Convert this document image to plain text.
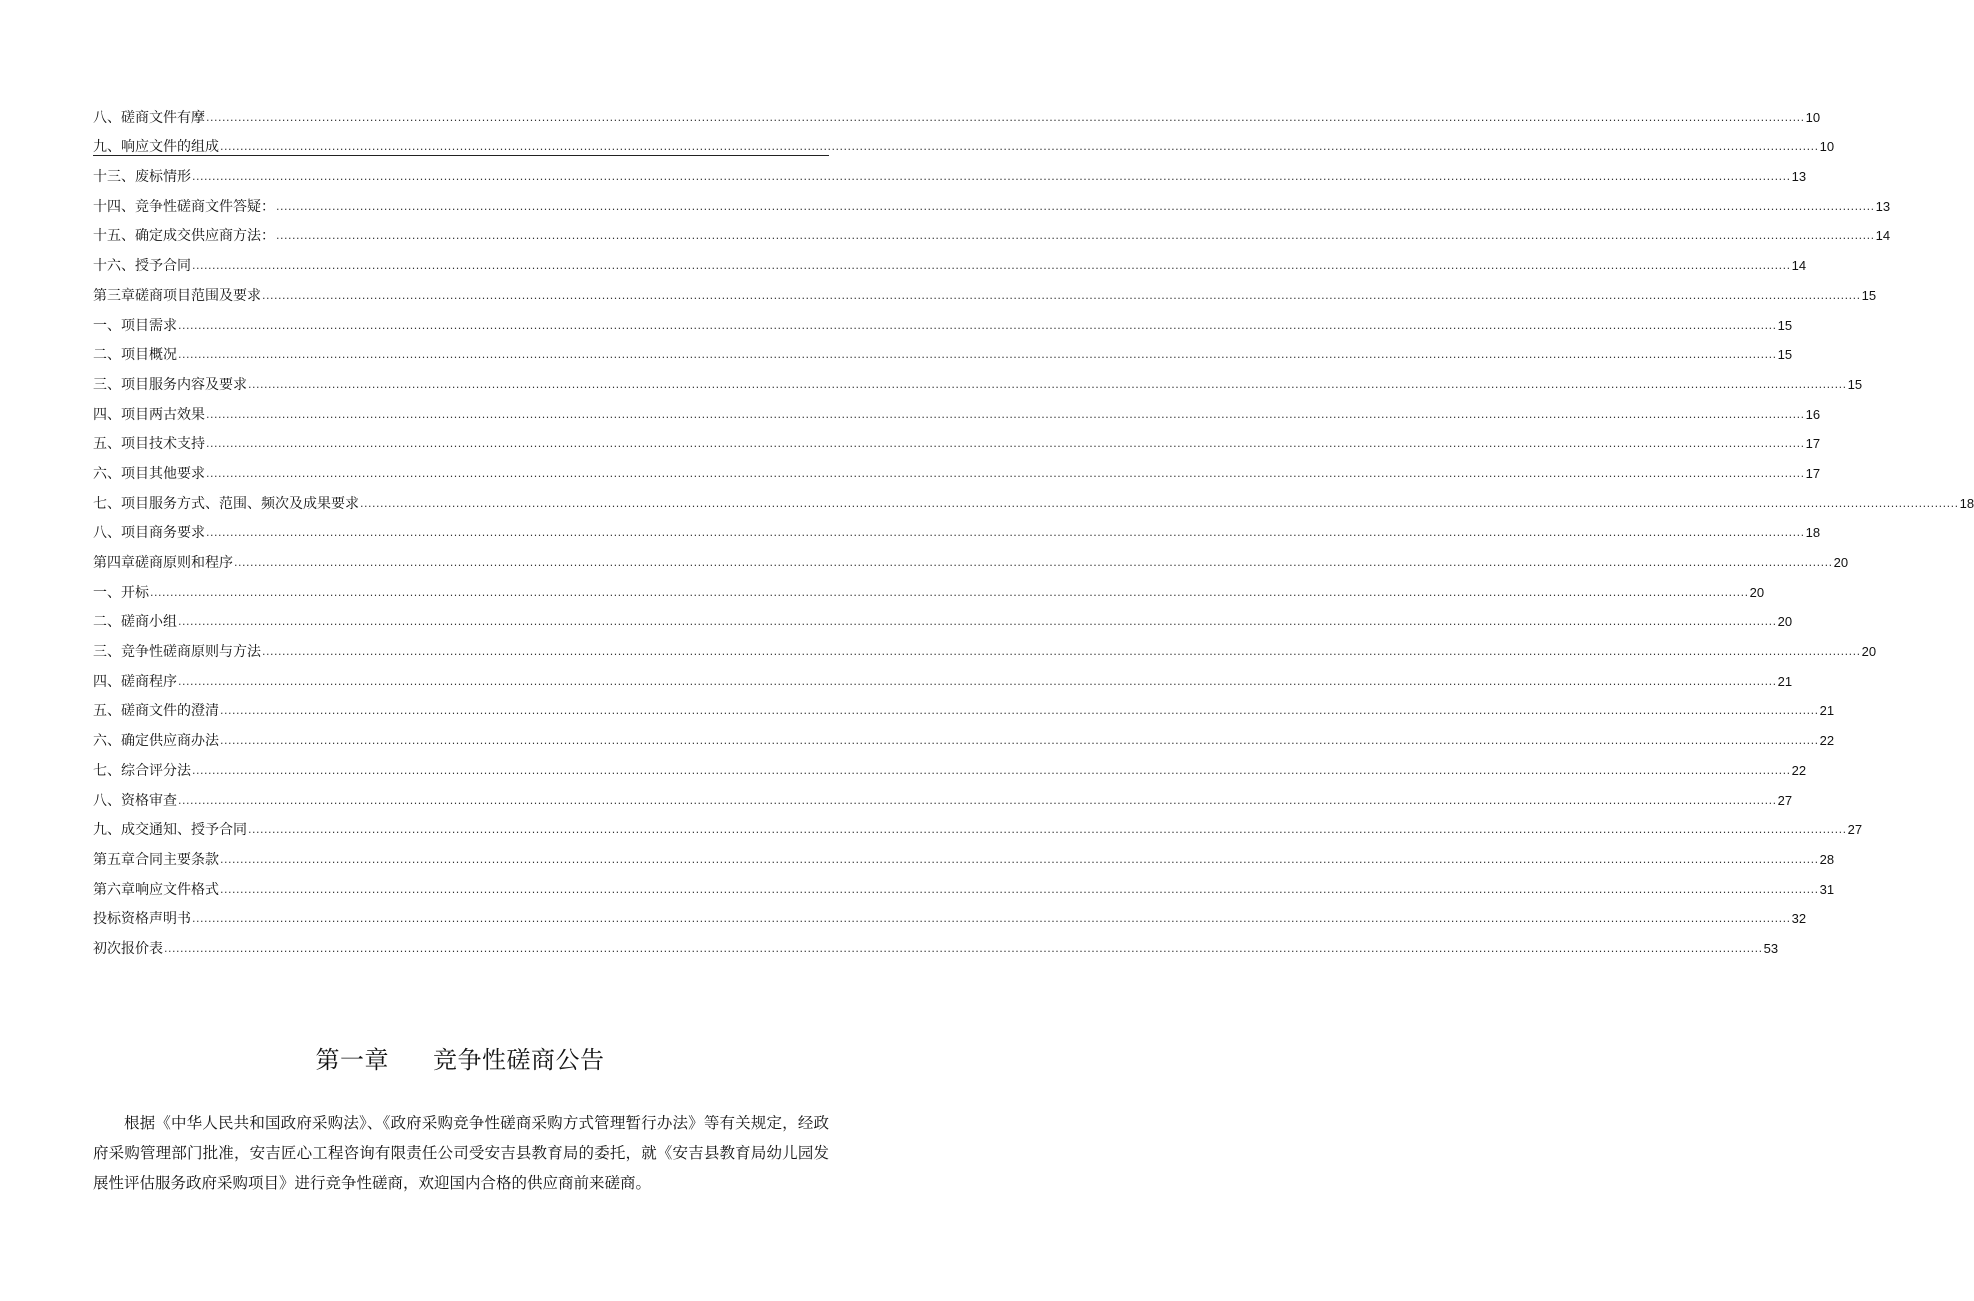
八、磋商文件有摩 ................................................................................................................................................................................................................................................................................................................................................................................................................ 10
九、响应文件的组成 ................................................................................................................................................................................................................................................................................................................................................................................................................ 10
十三、废标情形 ................................................................................................................................................................................................................................................................................................................................................................................................................ 13
十四、竞争性磋商文件答疑： ................................................................................................................................................................................................................................................................................................................................................................................................................ 13
十五、确定成交供应商方法： ................................................................................................................................................................................................................................................................................................................................................................................................................ 14
十六、授予合同 ................................................................................................................................................................................................................................................................................................................................................................................................................ 14
第三章磋商项目范围及要求 ................................................................................................................................................................................................................................................................................................................................................................................................................ 15
一、项目需求 ................................................................................................................................................................................................................................................................................................................................................................................................................ 15
二、项目概况 ................................................................................................................................................................................................................................................................................................................................................................................................................ 15
三、项目服务内容及要求 ................................................................................................................................................................................................................................................................................................................................................................................................................ 15
四、项目两古效果 ................................................................................................................................................................................................................................................................................................................................................................................................................ 16
五、项目技术支持 ................................................................................................................................................................................................................................................................................................................................................................................................................ 17
六、项目其他要求 ................................................................................................................................................................................................................................................................................................................................................................................................................ 17
七、项目服务方式、范围、频次及成果要求 ................................................................................................................................................................................................................................................................................................................................................................................................................ 18
八、项目商务要求 ................................................................................................................................................................................................................................................................................................................................................................................................................ 18
第四章磋商原则和程序 ................................................................................................................................................................................................................................................................................................................................................................................................................ 20
一、开标 ................................................................................................................................................................................................................................................................................................................................................................................................................ 20
二、磋商小组 ................................................................................................................................................................................................................................................................................................................................................................................................................ 20
三、竞争性磋商原则与方法 ................................................................................................................................................................................................................................................................................................................................................................................................................ 20
四、磋商程序 ................................................................................................................................................................................................................................................................................................................................................................................................................ 21
五、磋商文件的澄清 ................................................................................................................................................................................................................................................................................................................................................................................................................ 21
六、确定供应商办法 ................................................................................................................................................................................................................................................................................................................................................................................................................ 22
七、综合评分法 ................................................................................................................................................................................................................................................................................................................................................................................................................ 22
八、资格审查 ................................................................................................................................................................................................................................................................................................................................................................................................................ 27
九、成交通知、授予合同 ................................................................................................................................................................................................................................................................................................................................................................................................................ 27
第五章合同主要条款 ................................................................................................................................................................................................................................................................................................................................................................................................................ 28
第六章响应文件格式 ................................................................................................................................................................................................................................................................................................................................................................................................................ 31
投标资格声明书 ................................................................................................................................................................................................................................................................................................................................................................................................................ 32
初次报价表 ................................................................................................................................................................................................................................................................................................................................................................................................................ 53
第一章 竞争性磋商公告
根据《中华人民共和国政府采购法》、《政府采购竞争性磋商采购方式管理暂行办法》等有关规定，经政府采购管理部门批准，安吉匠心工程咨询有限责任公司受安吉县教育局的委托，就《安吉县教育局幼儿园发展性评估服务政府采购项目》进行竞争性磋商，欢迎国内合格的供应商前来磋商。
